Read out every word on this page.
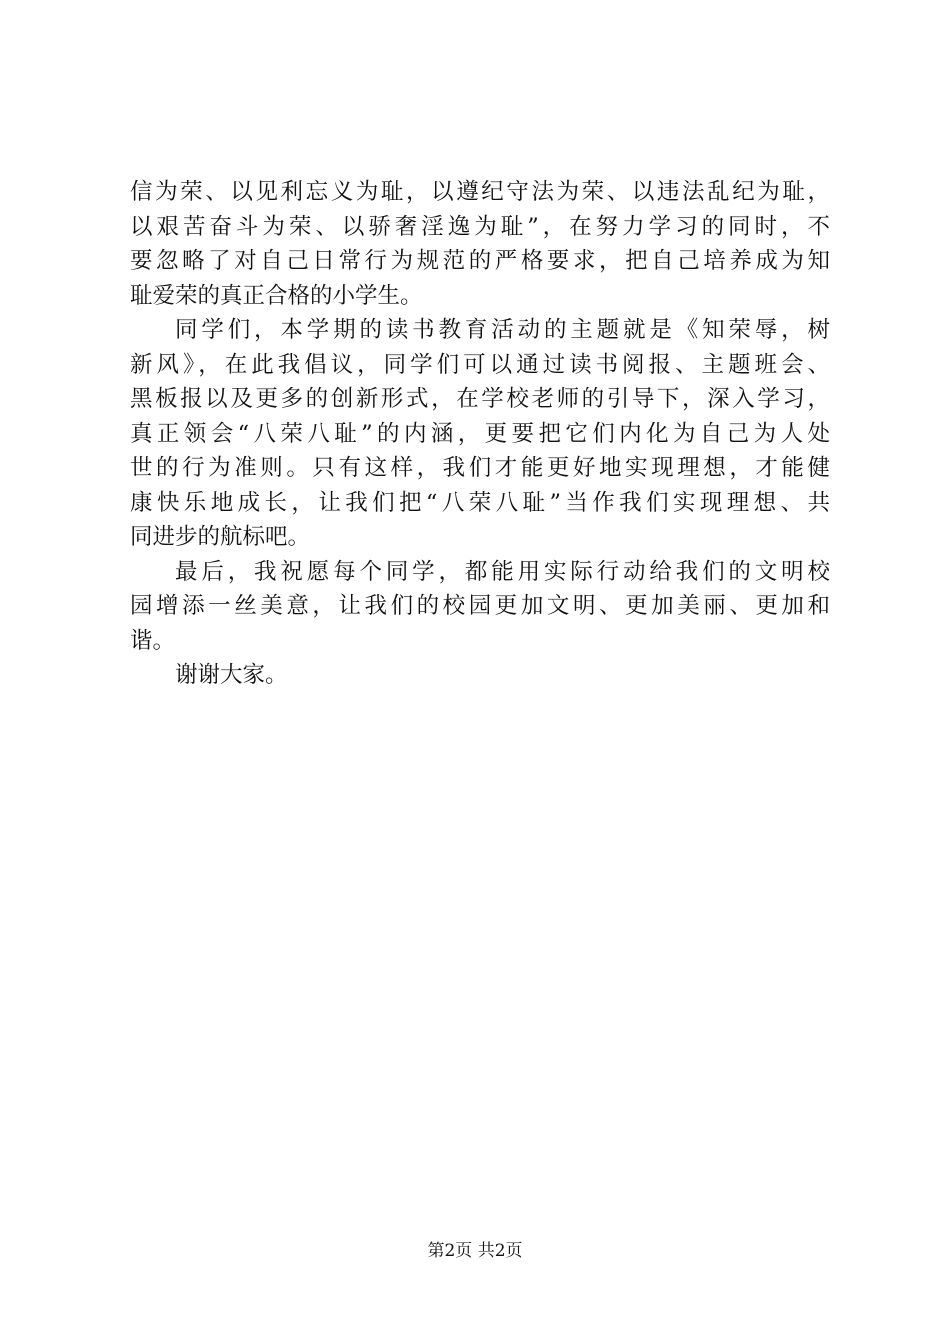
信为荣、以见利忘义为耻，以遵纪守法为荣、以违法乱纪为耻，
以艰苦奋斗为荣、以骄奢淫逸为耻”，在努力学习的同时，不
要忽略了对自己日常行为规范的严格要求，把自己培养成为知
耻爱荣的真正合格的小学生。
同学们，本学期的读书教育活动的主题就是《知荣辱，树
新风》，在此我倡议，同学们可以通过读书阅报、主题班会、
黑板报以及更多的创新形式，在学校老师的引导下，深入学习，
真正领会“八荣八耻”的内涵，更要把它们内化为自己为人处
世的行为准则。只有这样，我们才能更好地实现理想，才能健
康快乐地成长，让我们把“八荣八耻”当作我们实现理想、共
同进步的航标吧。
最后，我祝愿每个同学，都能用实际行动给我们的文明校
园增添一丝美意，让我们的校园更加文明、更加美丽、更加和
谐。
谢谢大家。
第2页 共2页
